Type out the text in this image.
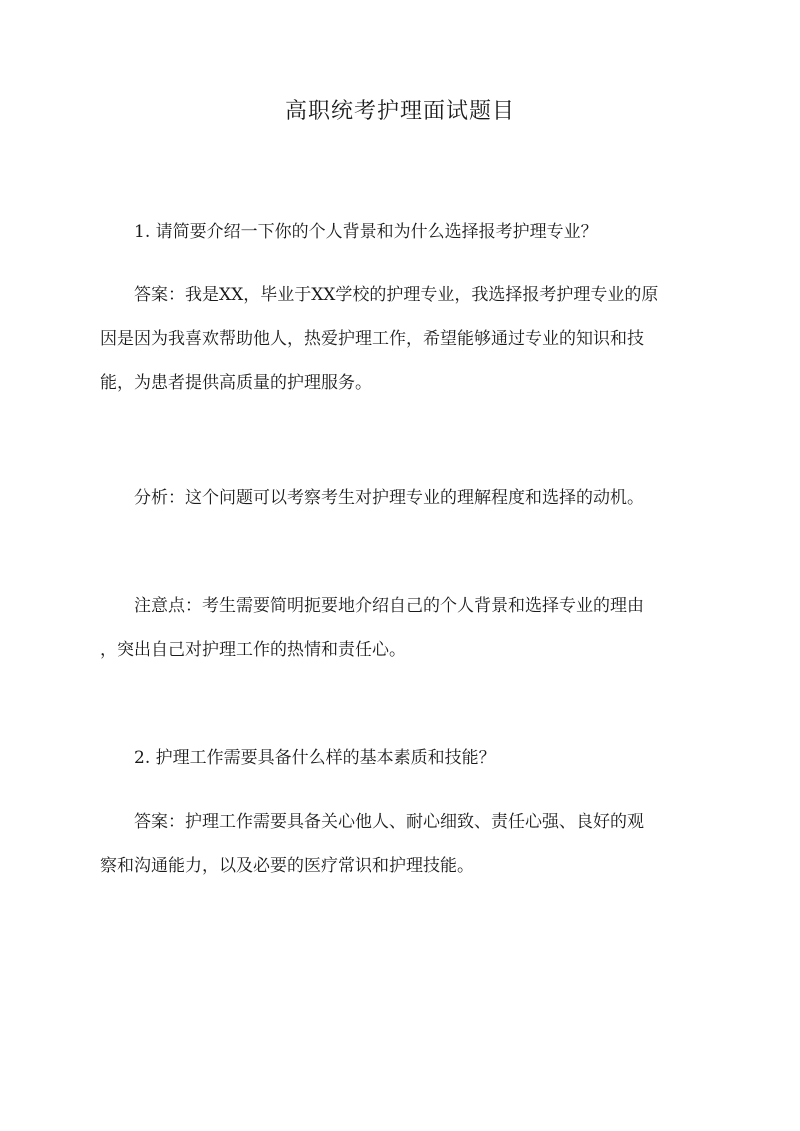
高职统考护理面试题目
1. 请简要介绍一下你的个人背景和为什么选择报考护理专业？
答案：我是XX，毕业于XX学校的护理专业，我选择报考护理专业的原
因是因为我喜欢帮助他人，热爱护理工作，希望能够通过专业的知识和技
能，为患者提供高质量的护理服务。
分析：这个问题可以考察考生对护理专业的理解程度和选择的动机。
注意点：考生需要简明扼要地介绍自己的个人背景和选择专业的理由
，突出自己对护理工作的热情和责任心。
2. 护理工作需要具备什么样的基本素质和技能？
答案：护理工作需要具备关心他人、耐心细致、责任心强、良好的观
察和沟通能力，以及必要的医疗常识和护理技能。
